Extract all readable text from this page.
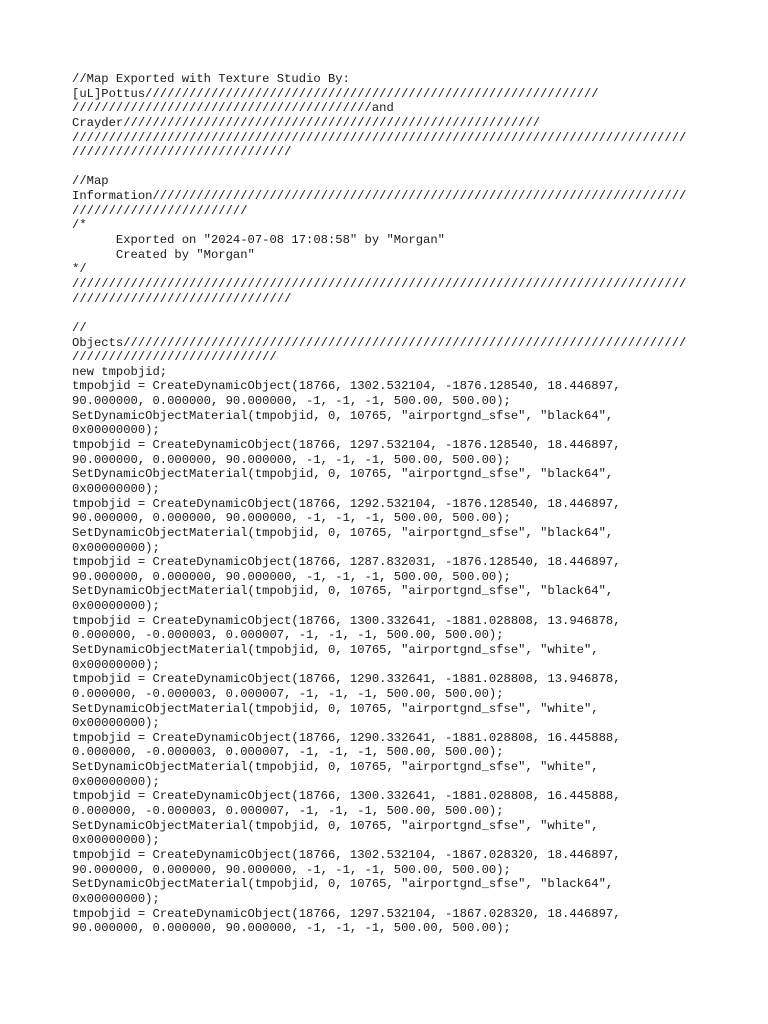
//Map Exported with Texture Studio By:
[uL]Pottus//////////////////////////////////////////////////////////////
/////////////////////////////////////////and
Crayder/////////////////////////////////////////////////////////
////////////////////////////////////////////////////////////////////////////////////
//////////////////////////////
//Map
Information/////////////////////////////////////////////////////////////////////////
////////////////////////
/*
Exported on "2024-07-08 17:08:58" by "Morgan"
Created by "Morgan"
*/
////////////////////////////////////////////////////////////////////////////////////
//////////////////////////////
//
Objects/////////////////////////////////////////////////////////////////////////////
////////////////////////////
new tmpobjid;
tmpobjid = CreateDynamicObject(18766, 1302.532104, -1876.128540, 18.446897,
90.000000, 0.000000, 90.000000, -1, -1, -1, 500.00, 500.00);
SetDynamicObjectMaterial(tmpobjid, 0, 10765, "airportgnd_sfse", "black64",
0x00000000);
tmpobjid = CreateDynamicObject(18766, 1297.532104, -1876.128540, 18.446897,
90.000000, 0.000000, 90.000000, -1, -1, -1, 500.00, 500.00);
SetDynamicObjectMaterial(tmpobjid, 0, 10765, "airportgnd_sfse", "black64",
0x00000000);
tmpobjid = CreateDynamicObject(18766, 1292.532104, -1876.128540, 18.446897,
90.000000, 0.000000, 90.000000, -1, -1, -1, 500.00, 500.00);
SetDynamicObjectMaterial(tmpobjid, 0, 10765, "airportgnd_sfse", "black64",
0x00000000);
tmpobjid = CreateDynamicObject(18766, 1287.832031, -1876.128540, 18.446897,
90.000000, 0.000000, 90.000000, -1, -1, -1, 500.00, 500.00);
SetDynamicObjectMaterial(tmpobjid, 0, 10765, "airportgnd_sfse", "black64",
0x00000000);
tmpobjid = CreateDynamicObject(18766, 1300.332641, -1881.028808, 13.946878,
0.000000, -0.000003, 0.000007, -1, -1, -1, 500.00, 500.00);
SetDynamicObjectMaterial(tmpobjid, 0, 10765, "airportgnd_sfse", "white",
0x00000000);
tmpobjid = CreateDynamicObject(18766, 1290.332641, -1881.028808, 13.946878,
0.000000, -0.000003, 0.000007, -1, -1, -1, 500.00, 500.00);
SetDynamicObjectMaterial(tmpobjid, 0, 10765, "airportgnd_sfse", "white",
0x00000000);
tmpobjid = CreateDynamicObject(18766, 1290.332641, -1881.028808, 16.445888,
0.000000, -0.000003, 0.000007, -1, -1, -1, 500.00, 500.00);
SetDynamicObjectMaterial(tmpobjid, 0, 10765, "airportgnd_sfse", "white",
0x00000000);
tmpobjid = CreateDynamicObject(18766, 1300.332641, -1881.028808, 16.445888,
0.000000, -0.000003, 0.000007, -1, -1, -1, 500.00, 500.00);
SetDynamicObjectMaterial(tmpobjid, 0, 10765, "airportgnd_sfse", "white",
0x00000000);
tmpobjid = CreateDynamicObject(18766, 1302.532104, -1867.028320, 18.446897,
90.000000, 0.000000, 90.000000, -1, -1, -1, 500.00, 500.00);
SetDynamicObjectMaterial(tmpobjid, 0, 10765, "airportgnd_sfse", "black64",
0x00000000);
tmpobjid = CreateDynamicObject(18766, 1297.532104, -1867.028320, 18.446897,
90.000000, 0.000000, 90.000000, -1, -1, -1, 500.00, 500.00);
